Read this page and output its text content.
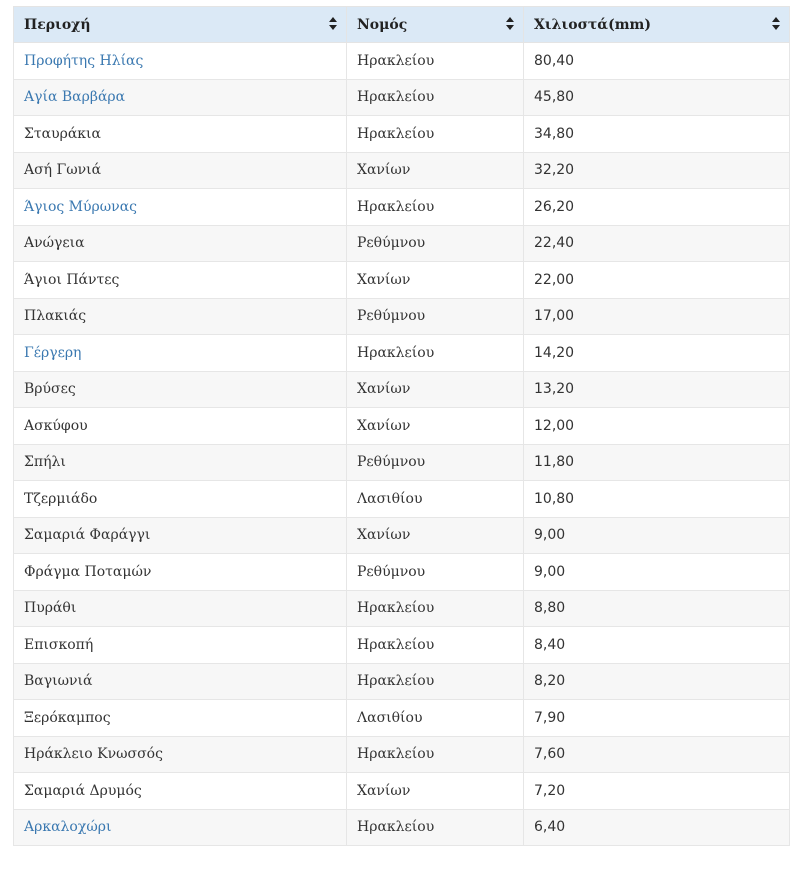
Περιοχή	Νομός	Χιλιοστά(mm)

Προφήτης Ηλίας	Ηρακλείου	80,40
Αγία Βαρβάρα	Ηρακλείου	45,80
Σταυράκια	Ηρακλείου	34,80
Ασή Γωνιά	Χανίων	32,20
Άγιος Μύρωνας	Ηρακλείου	26,20
Ανώγεια	Ρεθύμνου	22,40
Άγιοι Πάντες	Χανίων	22,00
Πλακιάς	Ρεθύμνου	17,00
Γέργερη	Ηρακλείου	14,20
Βρύσες	Χανίων	13,20
Ασκύφου	Χανίων	12,00
Σπήλι	Ρεθύμνου	11,80
Τζερμιάδο	Λασιθίου	10,80
Σαμαριά Φαράγγι	Χανίων	9,00
Φράγμα Ποταμών	Ρεθύμνου	9,00
Πυράθι	Ηρακλείου	8,80
Επισκοπή	Ηρακλείου	8,40
Βαγιωνιά	Ηρακλείου	8,20
Ξερόκαμπος	Λασιθίου	7,90
Ηράκλειο Κνωσσός	Ηρακλείου	7,60
Σαμαριά Δρυμός	Χανίων	7,20
Αρκαλοχώρι	Ηρακλείου	6,40
